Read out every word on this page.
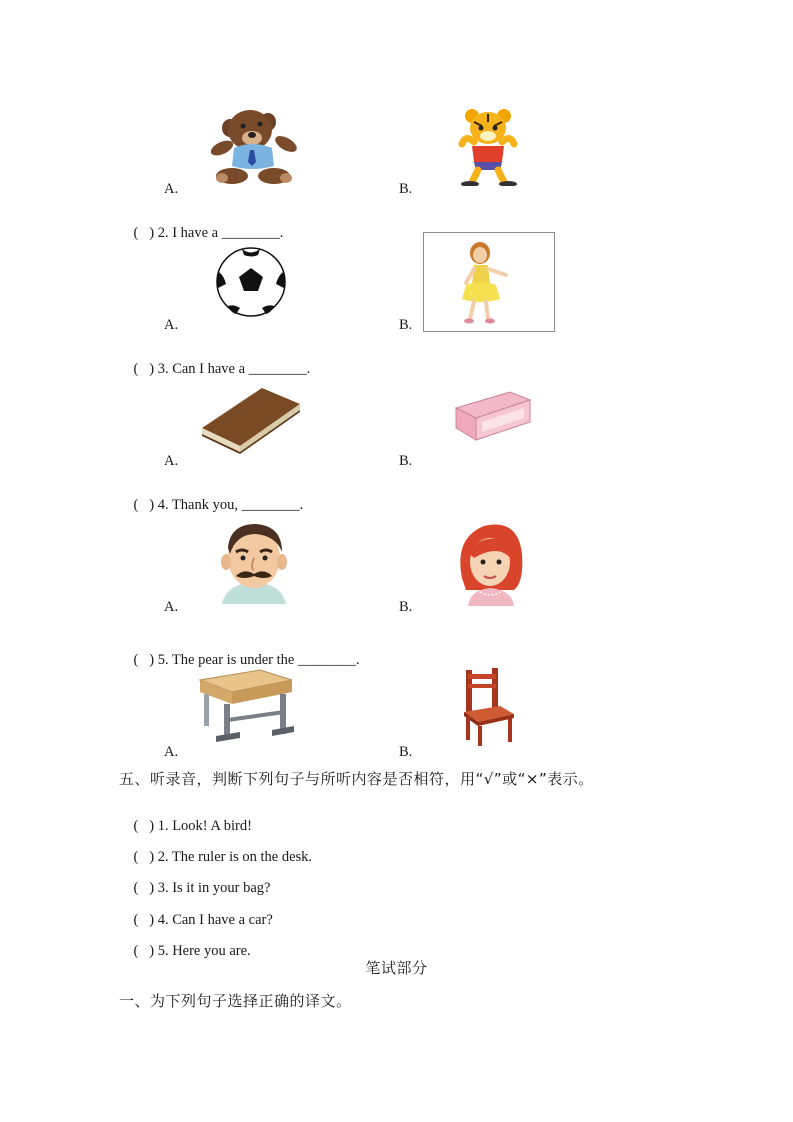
A.	B.

( ) 2. I have a ________.

A.	B.

( ) 3. Can I have a ________.

A.	B.

( ) 4. Thank you, ________.

A.	B.

( ) 5. The pear is under the ________.

A.	B.
五、听录音，判断下列句子与所听内容是否相符，用“√”或“×”表示。

( ) 1. Look! A bird!

( ) 2. The ruler is on the desk.

( ) 3. Is it in your bag?

( ) 4. Can I have a car?

( ) 5. Here you are.

笔试部分
一、为下列句子选择正确的译文。
